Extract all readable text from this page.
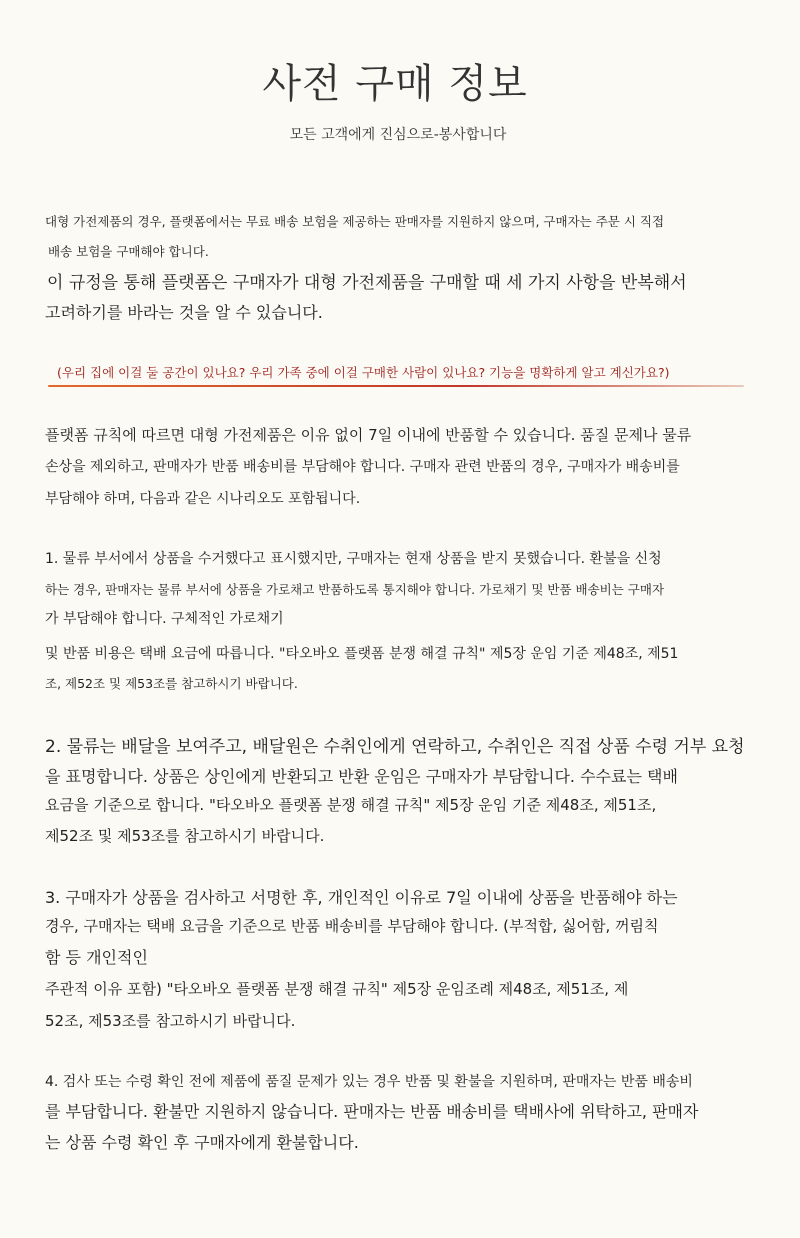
사전 구매 정보

모든 고객에게 진심으로-봉사합니다

대형 가전제품의 경우, 플랫폼에서는 무료 배송 보험을 제공하는 판매자를 지원하지 않으며, 구매자는 주문 시 직접

배송 보험을 구매해야 합니다.

이 규정을 통해 플랫폼은 구매자가 대형 가전제품을 구매할 때 세 가지 사항을 반복해서

고려하기를 바라는 것을 알 수 있습니다.

(우리 집에 이걸 둘 공간이 있나요? 우리 가족 중에 이걸 구매한 사람이 있나요? 기능을 명확하게 알고 계신가요?)

플랫폼 규칙에 따르면 대형 가전제품은 이유 없이 7일 이내에 반품할 수 있습니다. 품질 문제나 물류

손상을 제외하고, 판매자가 반품 배송비를 부담해야 합니다. 구매자 관련 반품의 경우, 구매자가 배송비를

부담해야 하며, 다음과 같은 시나리오도 포함됩니다.

1. 물류 부서에서 상품을 수거했다고 표시했지만, 구매자는 현재 상품을 받지 못했습니다. 환불을 신청

하는 경우, 판매자는 물류 부서에 상품을 가로채고 반품하도록 통지해야 합니다. 가로채기 및 반품 배송비는 구매자

가 부담해야 합니다. 구체적인 가로채기

및 반품 비용은 택배 요금에 따릅니다. "타오바오 플랫폼 분쟁 해결 규칙" 제5장 운임 기준 제48조, 제51

조, 제52조 및 제53조를 참고하시기 바랍니다.

2. 물류는 배달을 보여주고, 배달원은 수취인에게 연락하고, 수취인은 직접 상품 수령 거부 요청

을 표명합니다. 상품은 상인에게 반환되고 반환 운임은 구매자가 부담합니다. 수수료는 택배

요금을 기준으로 합니다. "타오바오 플랫폼 분쟁 해결 규칙" 제5장 운임 기준 제48조, 제51조,

제52조 및 제53조를 참고하시기 바랍니다.

3. 구매자가 상품을 검사하고 서명한 후, 개인적인 이유로 7일 이내에 상품을 반품해야 하는

경우, 구매자는 택배 요금을 기준으로 반품 배송비를 부담해야 합니다. (부적합, 싫어함, 꺼림칙

함 등 개인적인

주관적 이유 포함) "타오바오 플랫폼 분쟁 해결 규칙" 제5장 운임조례 제48조, 제51조, 제

52조, 제53조를 참고하시기 바랍니다.

4. 검사 또는 수령 확인 전에 제품에 품질 문제가 있는 경우 반품 및 환불을 지원하며, 판매자는 반품 배송비

를 부담합니다. 환불만 지원하지 않습니다. 판매자는 반품 배송비를 택배사에 위탁하고, 판매자

는 상품 수령 확인 후 구매자에게 환불합니다.
